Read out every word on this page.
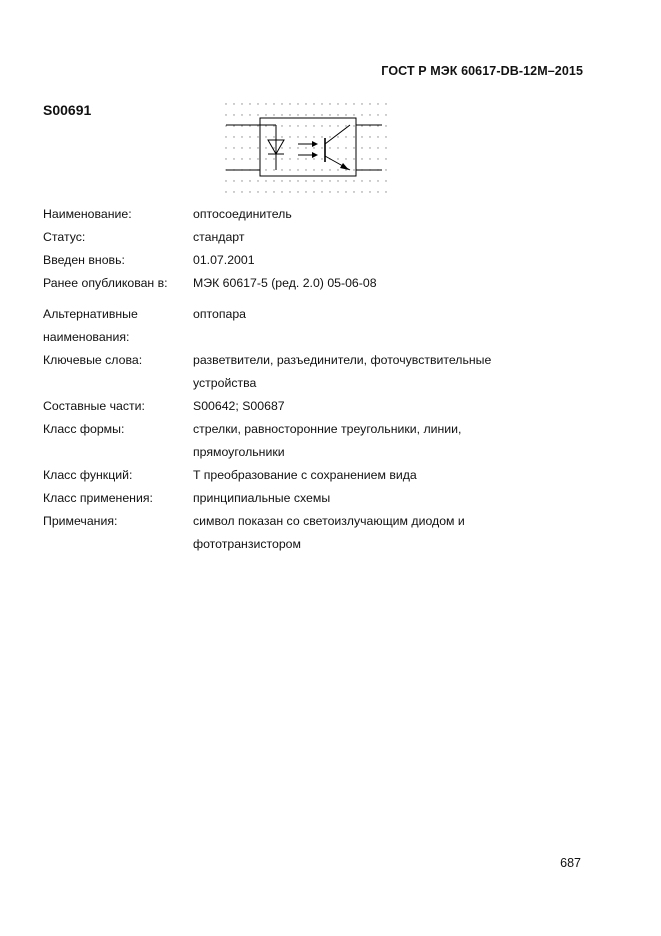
ГОСТ Р МЭК 60617-DB-12M–2015
S00691
Наименование:	оптосоединитель
Статус:	стандарт
Введен вновь:	01.07.2001
Ранее опубликован в:	МЭК 60617-5 (ред. 2.0) 05-06-08
Альтернативные наименования:
оптопара
Ключевые слова:	разветвители, разъединители, фоточувствительные устройства
Составные части:	S00642; S00687
Класс формы:	стрелки, равносторонние треугольники, линии, прямоугольники
Класс функций:	T преобразование с сохранением вида
Класс применения:	принципиальные схемы
Примечания:	символ показан со светоизлучающим диодом и фототранзистором
687
